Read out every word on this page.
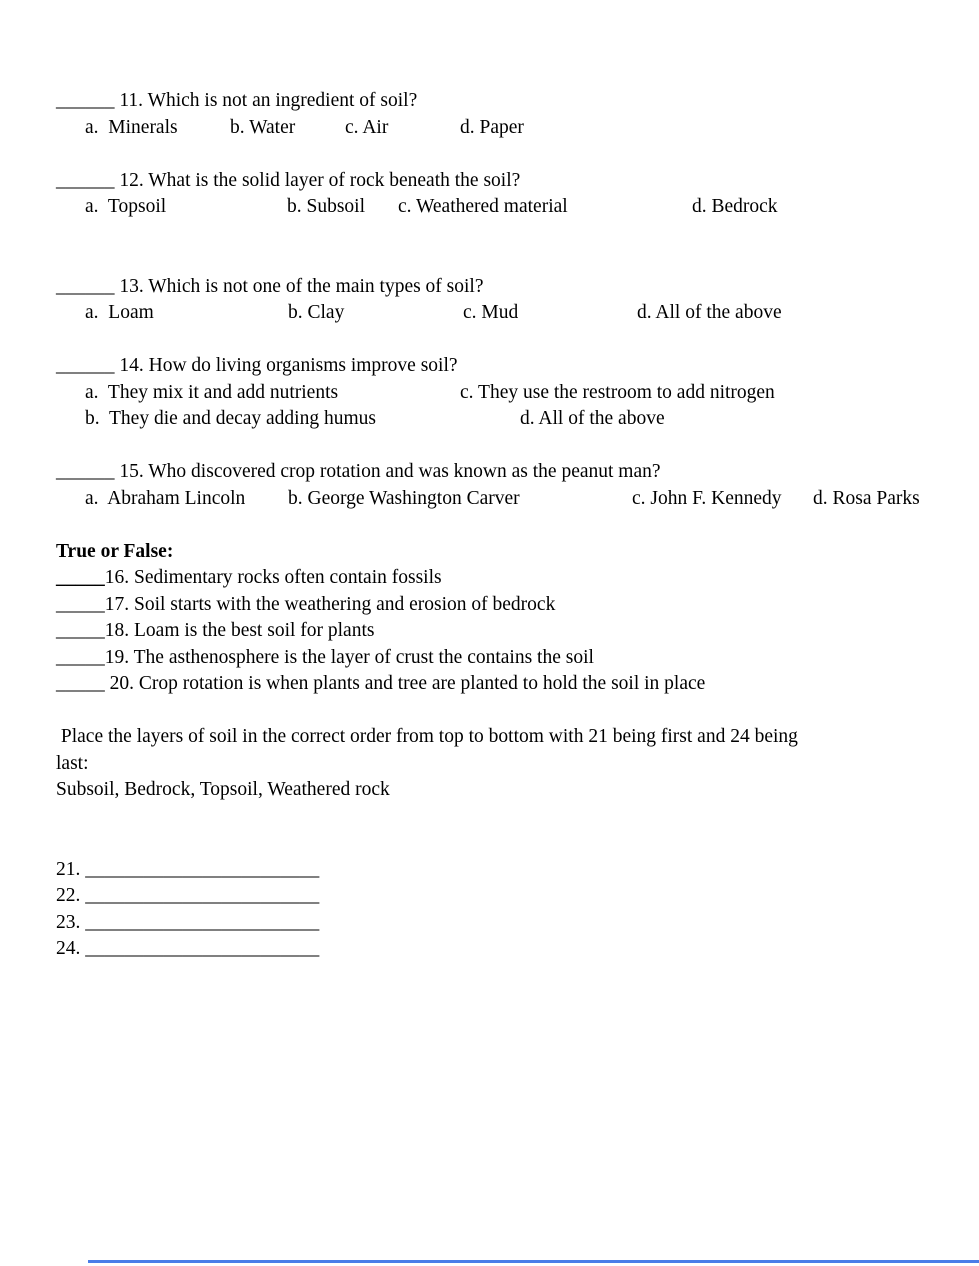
______ 11. Which is not an ingredient of soil?
a.  Minerals	b. Water	c. Air	d. Paper
______ 12. What is the solid layer of rock beneath the soil?
a.  Topsoil	b. Subsoil c. Weathered material	d. Bedrock
______ 13. Which is not one of the main types of soil?
a.  Loam	b. Clay	c. Mud	d. All of the above
______ 14. How do living organisms improve soil?
a.  They mix it and add nutrients	c. They use the restroom to add nitrogen
b.  They die and decay adding humus	d. All of the above
______ 15. Who discovered crop rotation and was known as the peanut man?
a.  Abraham Lincoln b. George Washington Carver	c. John F. Kennedy d. Rosa Parks
True or False:
_____16. Sedimentary rocks often contain fossils
_____17. Soil starts with the weathering and erosion of bedrock
_____18. Loam is the best soil for plants
_____19. The asthenosphere is the layer of crust the contains the soil
_____ 20. Crop rotation is when plants and tree are planted to hold the soil in place
Place the layers of soil in the correct order from top to bottom with 21 being first and 24 being
last:
Subsoil, Bedrock, Topsoil, Weathered rock
21. ________________________
22. ________________________
23. ________________________
24. ________________________
